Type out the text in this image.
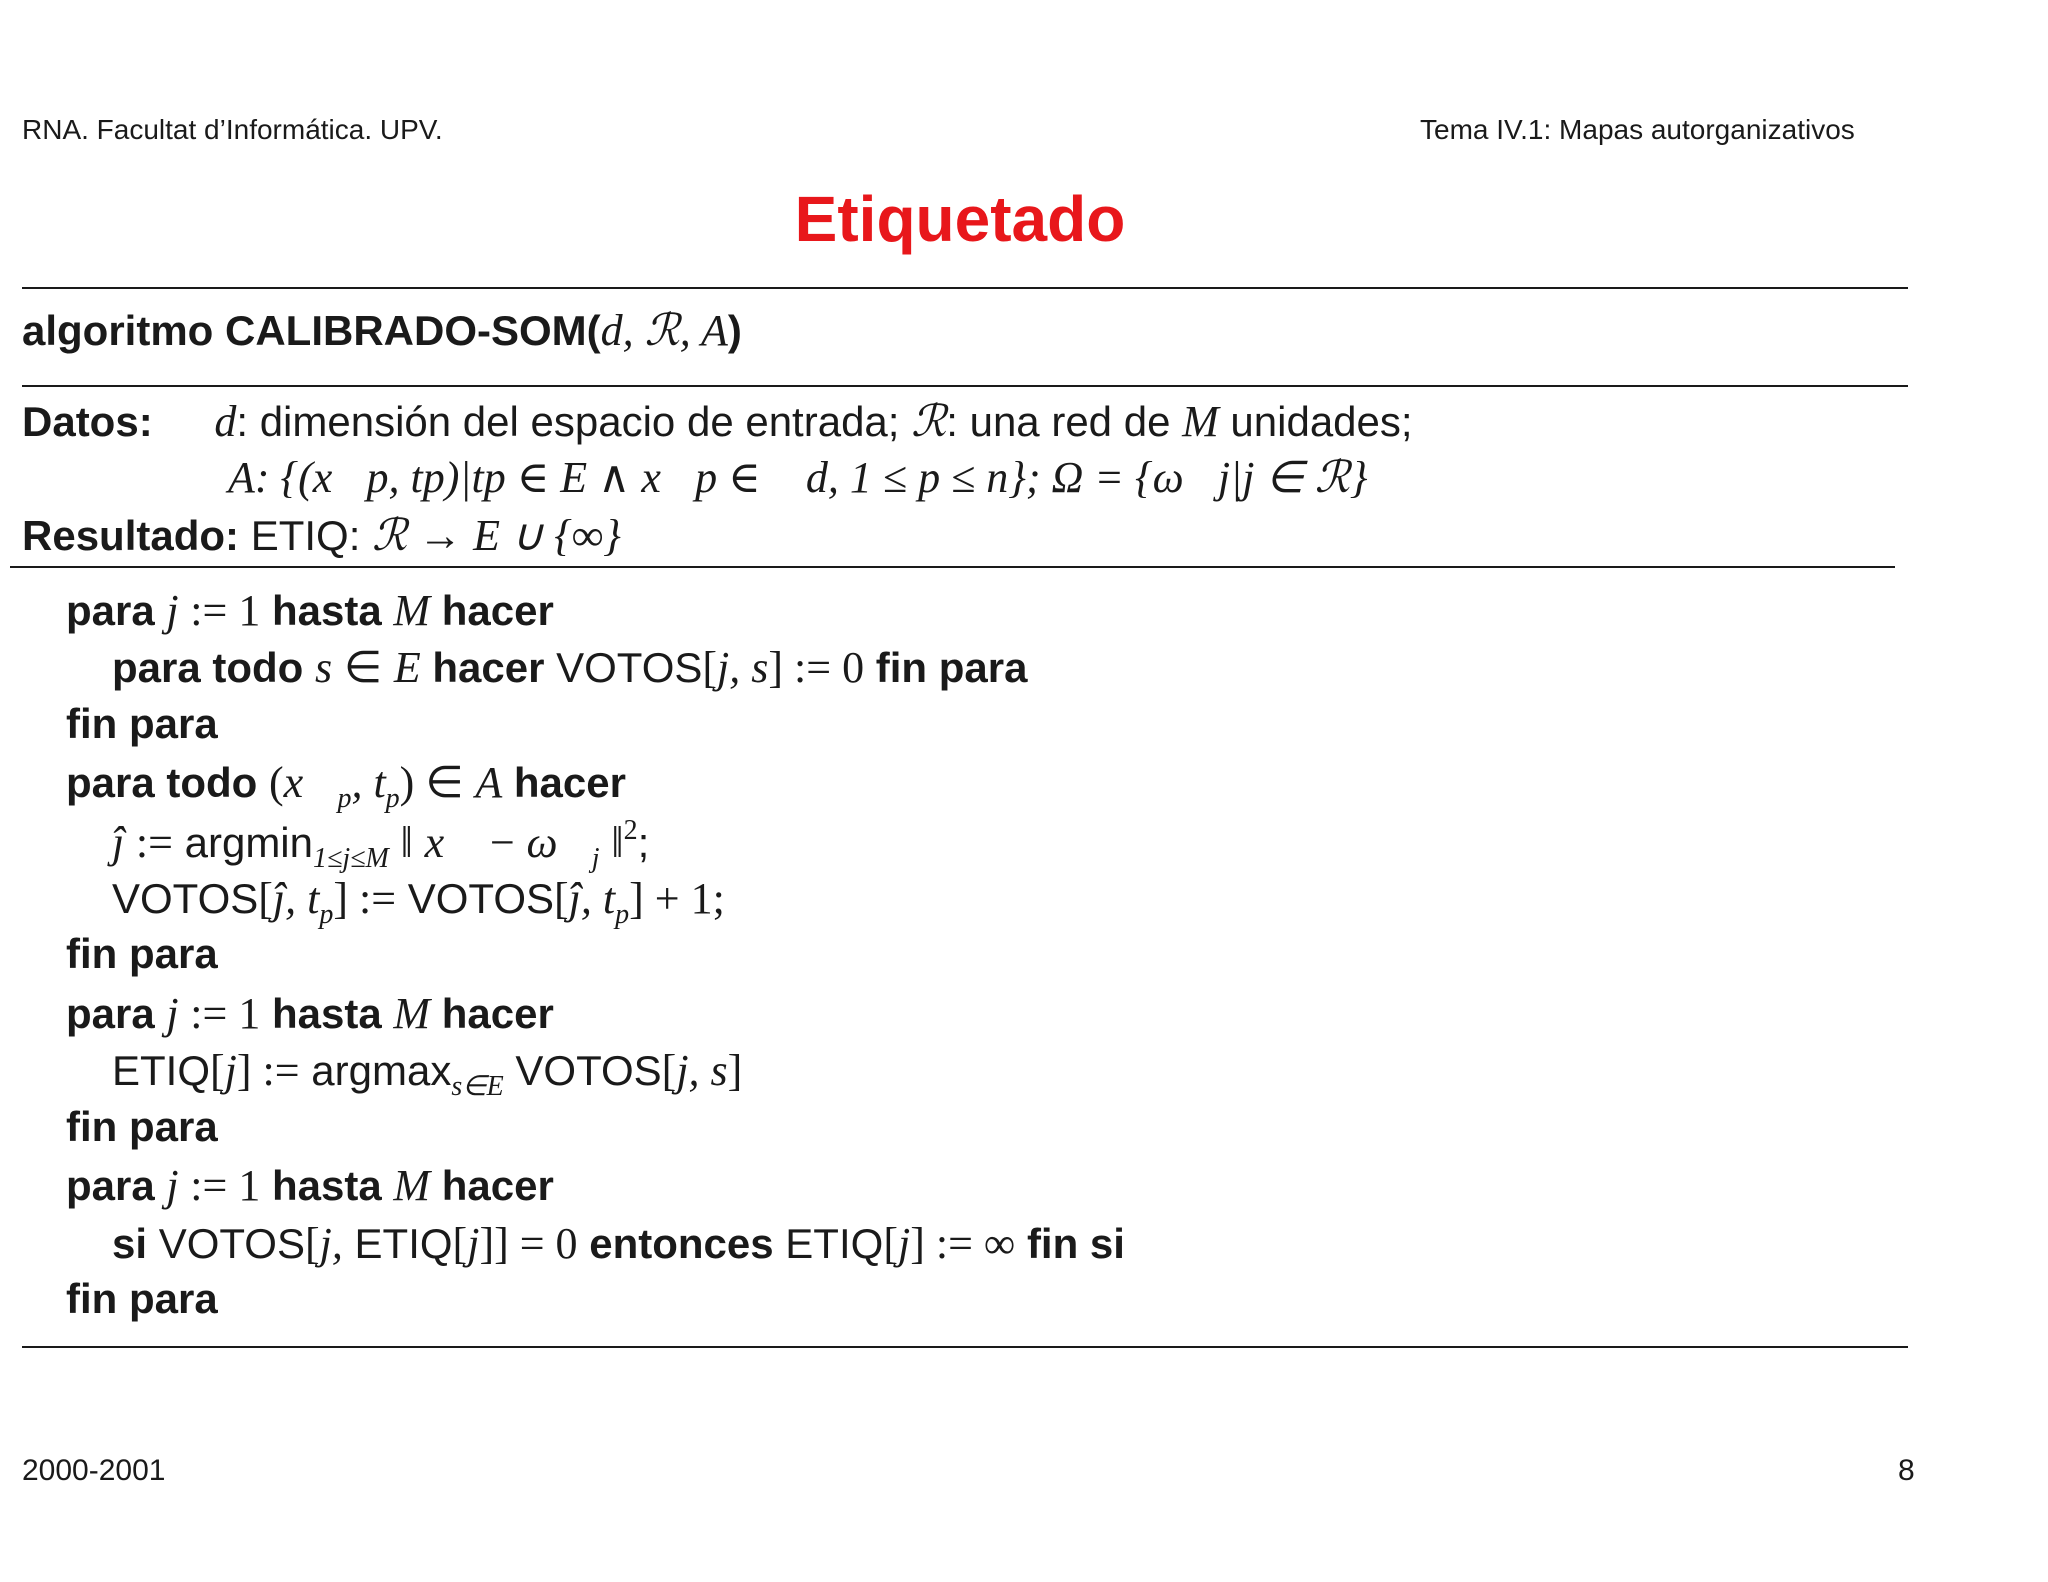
RNA. Facultat d’Informática. UPV.	Tema IV.1: Mapas autorganizativos
Etiquetado
algoritmo CALIBRADO-SOM(d, ℛ, A)
Datos: d: dimensión del espacio de entrada; ℛ: una red de M unidades;
A: {(x⃗p, tp)|tp ∈ E ∧ x⃗p ∈ ℝd, 1 ≤ p ≤ n}; Ω = {ω⃗j|j ∈ ℛ}
Resultado: ETIQ: ℛ → E ∪ {∞}
para j := 1 hasta M hacer
para todo s ∈ E hacer VOTOS[j, s] := 0 fin para
fin para
para todo ($x⃗_p$, $t_p$) ∈ A hacer
ĵ := argmin$_{1\le j\le M}$ ‖ x⃗ − $\omega⃗_j$ ‖$^2$;
VOTOS[ĵ, $t_p$] := VOTOS[ĵ, $t_p] + 1$;
fin para
para j := 1 hasta M hacer
ETIQ[j] := argmax$_{s\in E}$ VOTOS[j, s]
fin para
para j := 1 hasta M hacer
si VOTOS[j, ETIQ[j]] = 0 entonces ETIQ[j] := ∞ fin si
fin para
2000-2001	8
